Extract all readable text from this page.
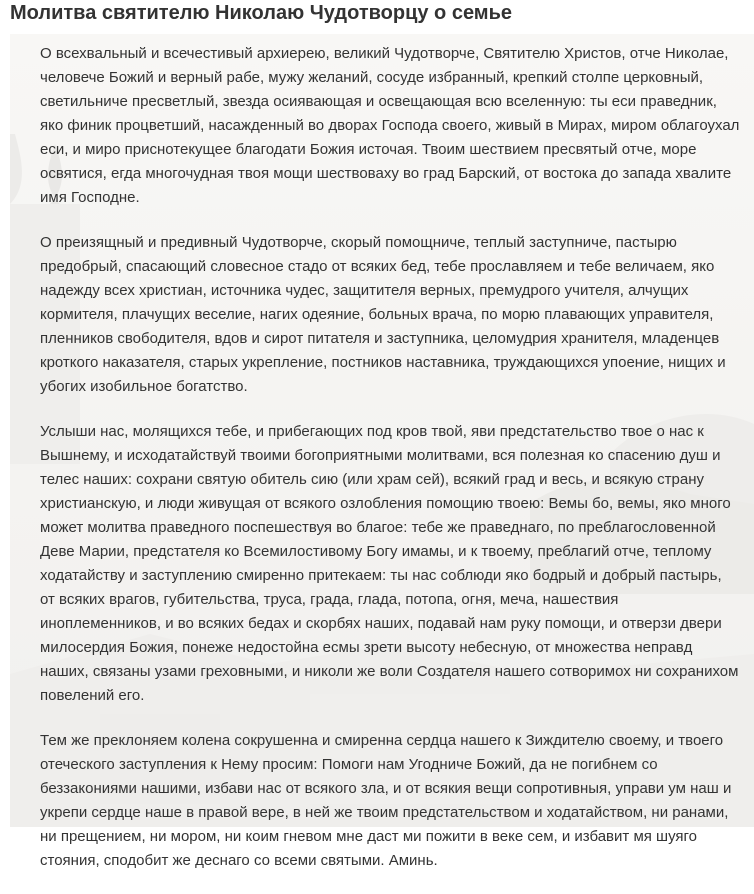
Молитва святителю Николаю Чудотворцу о семье

О всехвальный и всечестивый архиерею, великий Чудотворче, Святителю Христов, отче Николае, человече Божий и верный рабе, мужу желаний, сосуде избранный, крепкий столпе церковный, светильниче пресветлый, звезда осиявающая и освещающая всю вселенную: ты еси праведник, яко финик процветший, насажденный во дворах Господа своего, живый в Мирах, миром облагоухал еси, и миро приснотекущее благодати Божия источая. Твоим шествием пресвятый отче, море освятися, егда многочудная твоя мощи шествоваху во град Барский, от востока до запада хвалите имя Господне.

О преизящный и предивный Чудотворче, скорый помощниче, теплый заступниче, пастырю предобрый, спасающий словесное стадо от всяких бед, тебе прославляем и тебе величаем, яко надежду всех христиан, источника чудес, защитителя верных, премудрого учителя, алчущих кормителя, плачущих веселие, нагих одеяние, больных врача, по морю плавающих управителя, пленников свободителя, вдов и сирот питателя и заступника, целомудрия хранителя, младенцев кроткого наказателя, старых укрепление, постников наставника, труждающихся упоение, нищих и убогих изобильное богатство.

Услыши нас, молящихся тебе, и прибегающих под кров твой, яви предстательство твое о нас к Вышнему, и исходатайствуй твоими богоприятными молитвами, вся полезная ко спасению душ и телес наших: сохрани святую обитель сию (или храм сей), всякий град и весь, и всякую страну христианскую, и люди живущая от всякого озлобления помощию твоею: Вемы бо, вемы, яко много может молитва праведного поспешествуя во благое: тебе же праведнаго, по преблагословенной Деве Марии, предстателя ко Всемилостивому Богу имамы, и к твоему, преблагий отче, теплому ходатайству и заступлению смиренно притекаем: ты нас соблюди яко бодрый и добрый пастырь, от всяких врагов, губительства, труса, града, глада, потопа, огня, меча, нашествия иноплеменников, и во всяких бедах и скорбях наших, подавай нам руку помощи, и отверзи двери милосердия Божия, понеже недостойна есмы зрети высоту небесную, от множества неправд наших, связаны узами греховными, и николи же воли Создателя нашего сотворимох ни сохранихом повелений его.

Тем же преклоняем колена сокрушенна и смиренна сердца нашего к Зиждителю своему, и твоего отеческого заступления к Нему просим: Помоги нам Угодниче Божий, да не погибнем со беззакониями нашими, избави нас от всякого зла, и от всякия вещи сопротивныя, управи ум наш и укрепи сердце наше в правой вере, в ней же твоим предстательством и ходатайством, ни ранами, ни прещением, ни мором, ни коим гневом мне даст ми пожити в веке сем, и избавит мя шуяго стояния, сподобит же деснаго со всеми святыми. Аминь.
